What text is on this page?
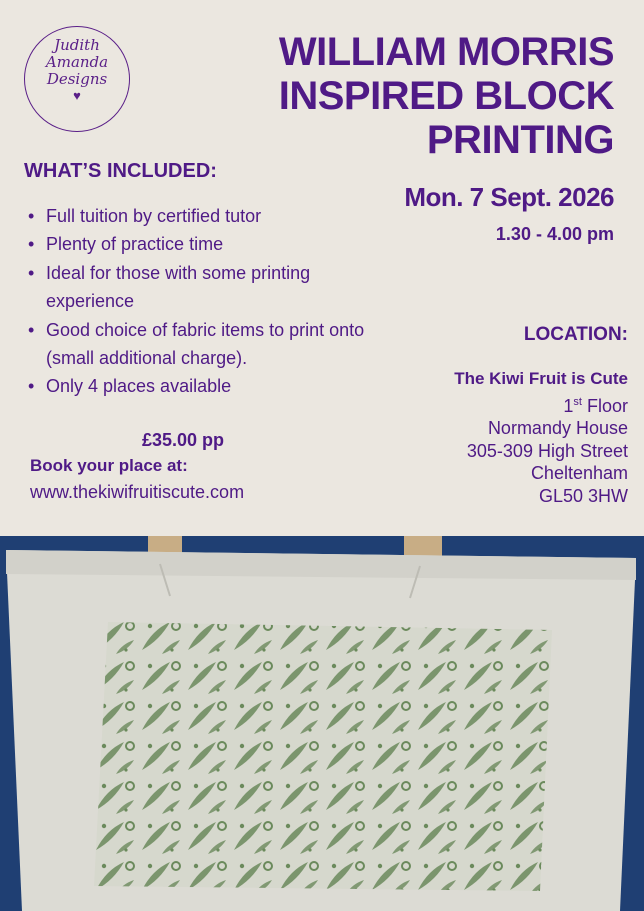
Judith
Amanda
Designs
♥
WILLIAM MORRIS
INSPIRED BLOCK
PRINTING
WHAT’S INCLUDED:
• Full tuition by certified tutor
• Plenty of practice time
• Ideal for those with some printing experience
• Good choice of fabric items to print onto (small additional charge).
• Only 4 places available
£35.00 pp
Book your place at:
www.thekiwifruitiscute.com
Mon. 7 Sept. 2026
1.30 - 4.00 pm
LOCATION:
The Kiwi Fruit is Cute
1st Floor
Normandy House
305-309 High Street
Cheltenham
GL50 3HW
